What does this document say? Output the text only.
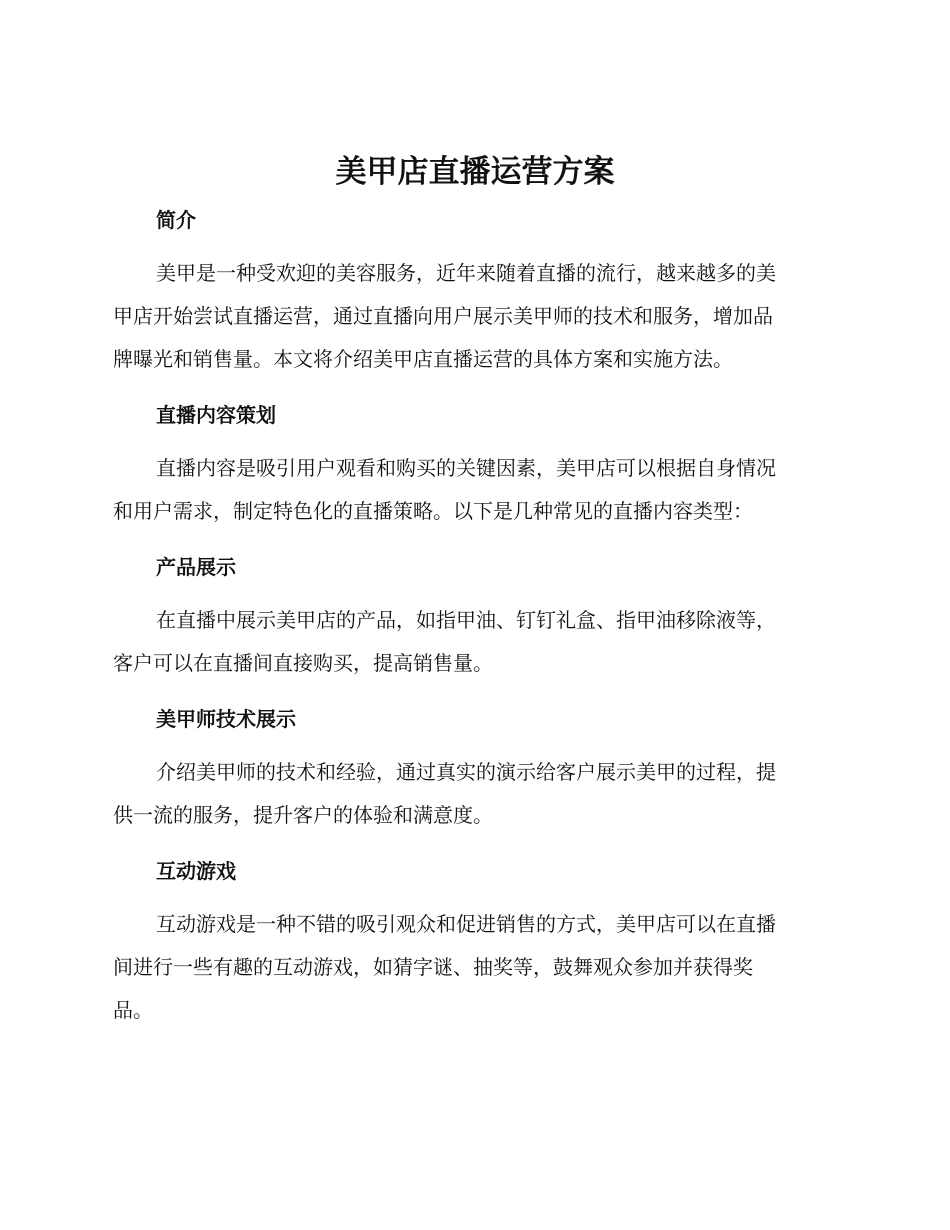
美甲店直播运营方案
简介
美甲是一种受欢迎的美容服务，近年来随着直播的流行，越来越多的美
甲店开始尝试直播运营，通过直播向用户展示美甲师的技术和服务，增加品
牌曝光和销售量。本文将介绍美甲店直播运营的具体方案和实施方法。
直播内容策划
直播内容是吸引用户观看和购买的关键因素，美甲店可以根据自身情况
和用户需求，制定特色化的直播策略。以下是几种常见的直播内容类型：
产品展示
在直播中展示美甲店的产品，如指甲油、钉钉礼盒、指甲油移除液等，
客户可以在直播间直接购买，提高销售量。
美甲师技术展示
介绍美甲师的技术和经验，通过真实的演示给客户展示美甲的过程，提
供一流的服务，提升客户的体验和满意度。
互动游戏
互动游戏是一种不错的吸引观众和促进销售的方式，美甲店可以在直播
间进行一些有趣的互动游戏，如猜字谜、抽奖等，鼓舞观众参加并获得奖
品。
